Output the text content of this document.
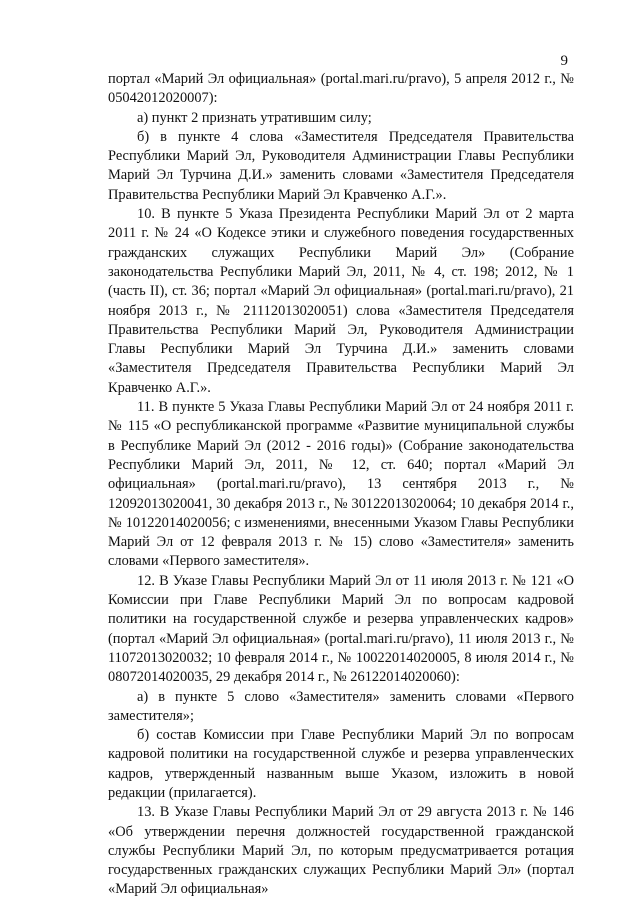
9

портал «Марий Эл официальная» (portal.mari.ru/pravo), 5 апреля 2012 г., № 05042012020007):

а) пункт 2 признать утратившим силу;

б) в пункте 4 слова «Заместителя Председателя Правительства Республики Марий Эл, Руководителя Администрации Главы Республики Марий Эл Турчина Д.И.» заменить словами «Заместителя Председателя Правительства Республики Марий Эл Кравченко А.Г.».

10. В пункте 5 Указа Президента Республики Марий Эл от 2 марта 2011 г. № 24 «О Кодексе этики и служебного поведения государственных гражданских служащих Республики Марий Эл» (Собрание законодательства Республики Марий Эл, 2011, № 4, ст. 198; 2012, № 1 (часть II), ст. 36; портал «Марий Эл официальная» (portal.mari.ru/pravo), 21 ноября 2013 г., № 21112013020051) слова «Заместителя Председателя Правительства Республики Марий Эл, Руководителя Администрации Главы Республики Марий Эл Турчина Д.И.» заменить словами «Заместителя Председателя Правительства Республики Марий Эл Кравченко А.Г.».

11. В пункте 5 Указа Главы Республики Марий Эл от 24 ноября 2011 г. № 115 «О республиканской программе «Развитие муниципальной службы в Республике Марий Эл (2012 - 2016 годы)» (Собрание законодательства Республики Марий Эл, 2011, № 12, ст. 640; портал «Марий Эл официальная» (portal.mari.ru/pravo), 13 сентября 2013 г., № 12092013020041, 30 декабря 2013 г., № 30122013020064; 10 декабря 2014 г., № 10122014020056; с изменениями, внесенными Указом Главы Республики Марий Эл от 12 февраля 2013 г. № 15) слово «Заместителя» заменить словами «Первого заместителя».

12. В Указе Главы Республики Марий Эл от 11 июля 2013 г. № 121 «О Комиссии при Главе Республики Марий Эл по вопросам кадровой политики на государственной службе и резерва управленческих кадров» (портал «Марий Эл официальная» (portal.mari.ru/pravo), 11 июля 2013 г., № 11072013020032; 10 февраля 2014 г., № 10022014020005, 8 июля 2014 г., № 08072014020035, 29 декабря 2014 г., № 26122014020060):

а) в пункте 5 слово «Заместителя» заменить словами «Первого заместителя»;

б) состав Комиссии при Главе Республики Марий Эл по вопросам кадровой политики на государственной службе и резерва управленческих кадров, утвержденный названным выше Указом, изложить в новой редакции (прилагается).

13. В Указе Главы Республики Марий Эл от 29 августа 2013 г. № 146 «Об утверждении перечня должностей государственной гражданской службы Республики Марий Эл, по которым предусматривается ротация государственных гражданских служащих Республики Марий Эл» (портал «Марий Эл официальная»
